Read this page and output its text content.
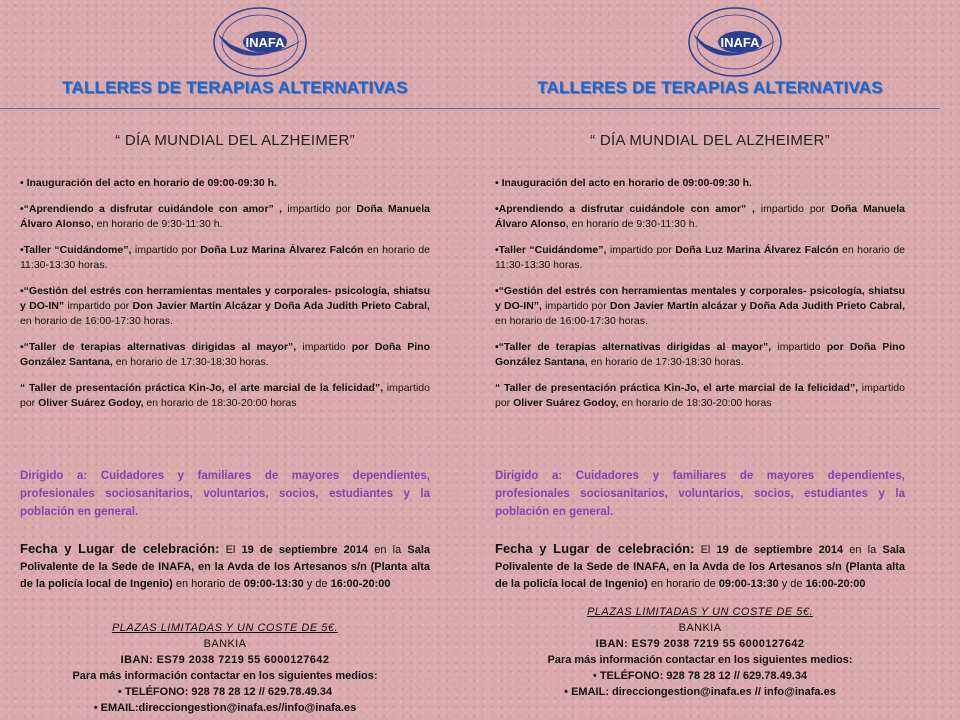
INAFA
TALLERES DE TERAPIAS ALTERNATIVAS
“ DÍA MUNDIAL DEL ALZHEIMER”
• Inauguración del acto en horario de 09:00-09:30 h.
•“Aprendiendo a disfrutar cuidándole con amor” , impartido por Doña Manuela Álvaro Alonso, en horario de 9:30-11:30 h.
•Taller “Cuidándome”, impartido por Doña Luz Marina Álvarez Falcón en horario de 11:30-13:30 horas.
•“Gestión del estrés con herramientas mentales y corporales- psicología, shiatsu y DO-IN” impartido por Don Javier Martín Alcázar y Doña Ada Judith Prieto Cabral, en horario de 16:00-17:30 horas.
•“Taller de terapias alternativas dirigidas al mayor”, impartido por Doña Pino González Santana, en horario de 17:30-18:30 horas.
“ Taller de presentación práctica Kin-Jo, el arte marcial de la felicidad”, impartido por Oliver Suárez Godoy, en horario de 18:30-20:00 horas
Dirigido a: Cuidadores y familiares de mayores dependientes, profesionales sociosanitarios, voluntarios, socios, estudiantes y la población en general.
Fecha y Lugar de celebración: El 19 de septiembre 2014 en la Sala Polivalente de la Sede de INAFA, en la Avda de los Artesanos s/n (Planta alta de la policía local de Ingenio) en horario de 09:00-13:30 y de 16:00-20:00
PLAZAS LIMITADAS Y UN COSTE DE 5€.
BANKIA
IBAN: ES79 2038 7219 55 6000127642
Para más información contactar en los siguientes medios:
• TELÉFONO: 928 78 28 12 // 629.78.49.34
• EMAIL:direcciongestion@inafa.es//info@inafa.es
INAFA
TALLERES DE TERAPIAS ALTERNATIVAS
“ DÍA MUNDIAL DEL ALZHEIMER”
• Inauguración del acto en horario de 09:00-09:30 h.
•Aprendiendo a disfrutar cuidándole con amor” , impartido por Doña Manuela Álvaro Alonso, en horario de 9:30-11:30 h.
•Taller “Cuidándome”, impartido por Doña Luz Marina Álvarez Falcón en horario de 11:30-13:30 horas.
•“Gestión del estrés con herramientas mentales y corporales- psicología, shiatsu y DO-IN”, impartido por Don Javier Martín alcázar y Doña Ada Judith Prieto Cabral, en horario de 16:00-17:30 horas.
•“Taller de terapias alternativas dirigidas al mayor”, impartido por Doña Pino González Santana, en horario de 17:30-18:30 horas.
“ Taller de presentación práctica Kin-Jo, el arte marcial de la felicidad”, impartido por Oliver Suárez Godoy, en horario de 18:30-20:00 horas
Dirigido a: Cuidadores y familiares de mayores dependientes, profesionales sociosanitarios, voluntarios, socios, estudiantes y la población en general.
Fecha y Lugar de celebración: El 19 de septiembre 2014 en la Sala Polivalente de la Sede de INAFA, en la Avda de los Artesanos s/n (Planta alta de la policía local de Ingenio) en horario de 09:00-13:30 y de 16:00-20:00
PLAZAS LIMITADAS Y UN COSTE DE 5€.
BANKIA
IBAN: ES79 2038 7219 55 6000127642
Para más información contactar en los siguientes medios:
• TELÉFONO: 928 78 28 12 // 629.78.49.34
• EMAIL: direcciongestion@inafa.es // info@inafa.es
